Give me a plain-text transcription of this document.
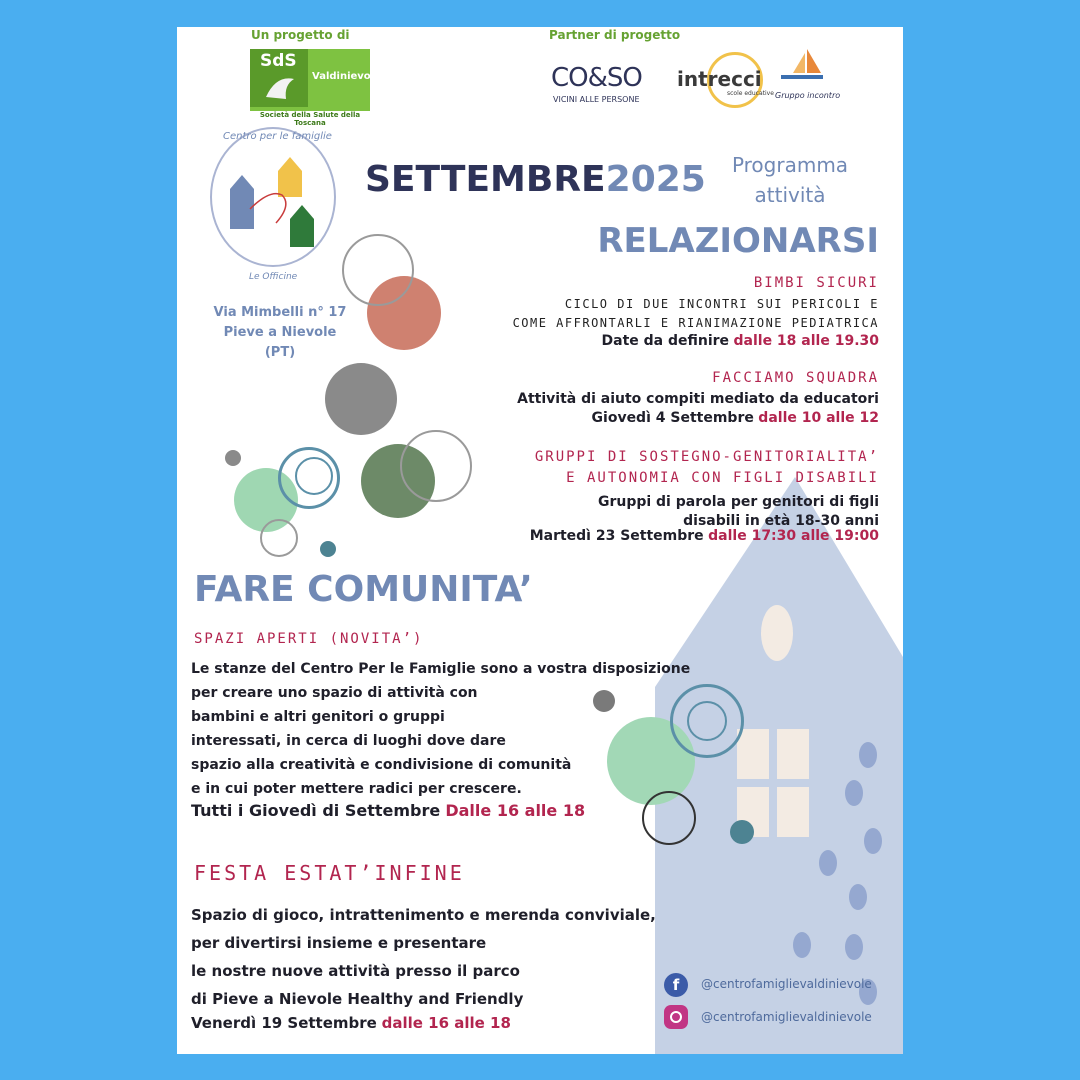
Un progetto di
SdS
Valdinievole
Società della Salute della Toscana
Partner di progetto
CO&SO
VICINI ALLE PERSONE
intrecci
scole educative Gruppo incontro
Centro per le famiglie
Le Officine
Via Mimbelli n° 17
Pieve a Nievole (PT)
SETTEMBRE2025	Programma
attività
RELAZIONARSI
BIMBI SICURI
CICLO DI DUE INCONTRI SUI PERICOLI E
COME AFFRONTARLI E RIANIMAZIONE PEDIATRICA
Date da definire dalle 18 alle 19.30
FACCIAMO SQUADRA
Attività di aiuto compiti mediato da educatori
Giovedì 4 Settembre dalle 10 alle 12
GRUPPI DI SOSTEGNO-GENITORIALITA’
E AUTONOMIA CON FIGLI DISABILI
Gruppi di parola per genitori di figli
disabili in età 18-30 anni
Martedì 23 Settembre dalle 17:30 alle 19:00
FARE COMUNITA’
SPAZI APERTI (NOVITA’)
Le stanze del Centro Per le Famiglie sono a vostra disposizione
per creare uno spazio di attività con
bambini e altri genitori o gruppi
interessati, in cerca di luoghi dove dare
spazio alla creatività e condivisione di comunità
e in cui poter mettere radici per crescere.
Tutti i Giovedì di Settembre Dalle 16 alle 18
FESTA ESTAT’INFINE
Spazio di gioco, intrattenimento e merenda conviviale,
per divertirsi insieme e presentare
le nostre nuove attività presso il parco
di Pieve a Nievole Healthy and Friendly
Venerdì 19 Settembre dalle 16 alle 18
f	@centrofamiglievaldinievole
@centrofamiglievaldinievole
